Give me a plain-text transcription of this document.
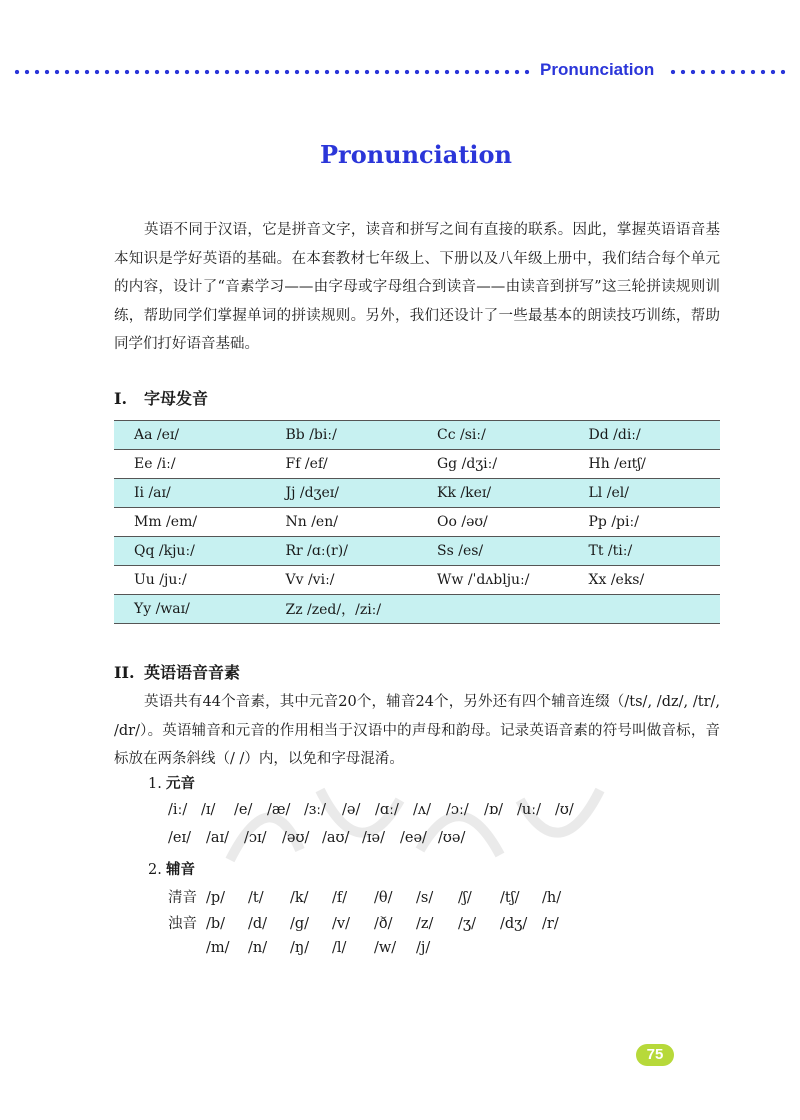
Pronunciation
Pronunciation
英语不同于汉语，它是拼音文字，读音和拼写之间有直接的联系。因此，掌握英语语音基本知识是学好英语的基础。在本套教材七年级上、下册以及八年级上册中，我们结合每个单元的内容，设计了“音素学习——由字母或字母组合到读音——由读音到拼写”这三轮拼读规则训练，帮助同学们掌握单词的拼读规则。另外，我们还设计了一些最基本的朗读技巧训练，帮助同学们打好语音基础。
I. 字母发音
Aa /eɪ/	Bb /biː/	Cc /siː/	Dd /diː/
Ee /iː/	Ff /ef/	Gg /dʒiː/	Hh /eɪtʃ/
Ii /aɪ/	Jj /dʒeɪ/	Kk /keɪ/	Ll /el/
Mm /em/	Nn /en/	Oo /əʊ/	Pp /piː/
Qq /kjuː/	Rr /ɑː(r)/	Ss /es/	Tt /tiː/
Uu /juː/	Vv /viː/	Ww /ˈdʌbljuː/	Xx /eks/
Yy /waɪ/	Zz /zed/，/ziː/		
II. 英语语音音素
英语共有44个音素，其中元音20个，辅音24个，另外还有四个辅音连缀（/ts/, /dz/, /tr/, /dr/）。英语辅音和元音的作用相当于汉语中的声母和韵母。记录英语音素的符号叫做音标，音标放在两条斜线（/ /）内，以免和字母混淆。
1. 元音
/iː/ /ɪ/ /e/ /æ/ /ɜː/ /ə/ /ɑː/ /ʌ/ /ɔː/ /ɒ/ /uː/ /ʊ/
/eɪ/ /aɪ/ /ɔɪ/ /əʊ/ /aʊ/ /ɪə/ /eə/ /ʊə/
2. 辅音
清音 /p/ /t/ /k/ /f/ /θ/ /s/ /ʃ/ /tʃ/ /h/
浊音 /b/ /d/ /g/ /v/ /ð/ /z/ /ʒ/ /dʒ/ /r/
/m/ /n/ /ŋ/ /l/ /w/ /j/
75
